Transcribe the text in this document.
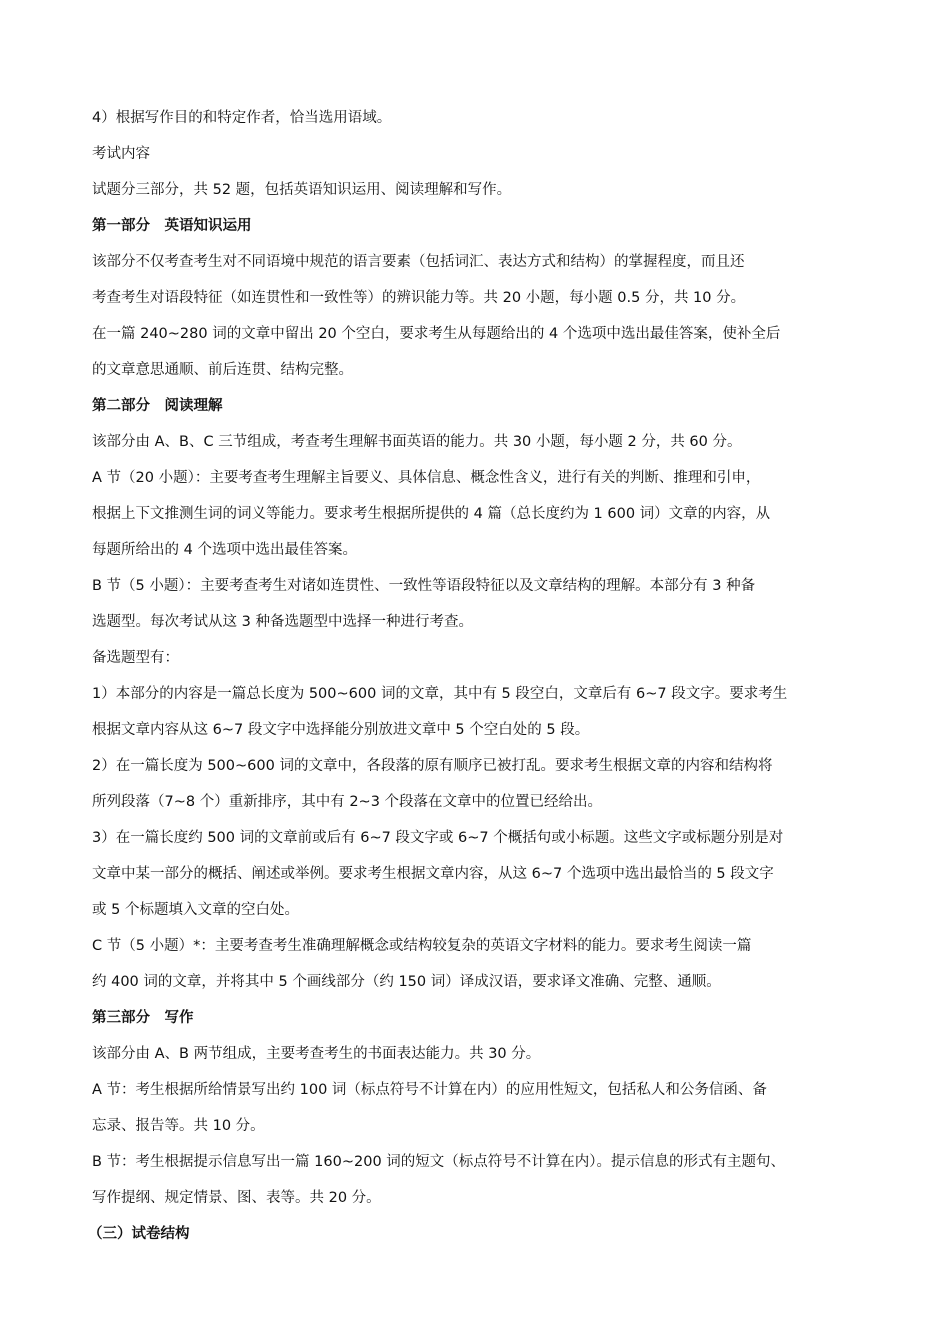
4）根据写作目的和特定作者，恰当选用语域。

考试内容

试题分三部分，共 52 题，包括英语知识运用、阅读理解和写作。

第一部分　英语知识运用

该部分不仅考查考生对不同语境中规范的语言要素（包括词汇、表达方式和结构）的掌握程度，而且还

考查考生对语段特征（如连贯性和一致性等）的辨识能力等。共 20 小题，每小题 0.5 分，共 10 分。

在一篇 240~280 词的文章中留出 20 个空白，要求考生从每题给出的 4 个选项中选出最佳答案，使补全后

的文章意思通顺、前后连贯、结构完整。

第二部分　阅读理解

该部分由 A、B、C 三节组成，考查考生理解书面英语的能力。共 30 小题，每小题 2 分，共 60 分。

A 节（20 小题）：主要考查考生理解主旨要义、具体信息、概念性含义，进行有关的判断、推理和引申，

根据上下文推测生词的词义等能力。要求考生根据所提供的 4 篇（总长度约为 1 600 词）文章的内容，从

每题所给出的 4 个选项中选出最佳答案。

B 节（5 小题）：主要考查考生对诸如连贯性、一致性等语段特征以及文章结构的理解。本部分有 3 种备

选题型。每次考试从这 3 种备选题型中选择一种进行考查。

备选题型有：

1）本部分的内容是一篇总长度为 500~600 词的文章，其中有 5 段空白，文章后有 6~7 段文字。要求考生

根据文章内容从这 6~7 段文字中选择能分别放进文章中 5 个空白处的 5 段。

2）在一篇长度为 500~600 词的文章中，各段落的原有顺序已被打乱。要求考生根据文章的内容和结构将

所列段落（7~8 个）重新排序，其中有 2~3 个段落在文章中的位置已经给出。

3）在一篇长度约 500 词的文章前或后有 6~7 段文字或 6~7 个概括句或小标题。这些文字或标题分别是对

文章中某一部分的概括、阐述或举例。要求考生根据文章内容，从这 6~7 个选项中选出最恰当的 5 段文字

或 5 个标题填入文章的空白处。

C 节（5 小题）*：主要考查考生准确理解概念或结构较复杂的英语文字材料的能力。要求考生阅读一篇

约 400 词的文章，并将其中 5 个画线部分（约 150 词）译成汉语，要求译文准确、完整、通顺。

第三部分　写作

该部分由 A、B 两节组成，主要考查考生的书面表达能力。共 30 分。

A 节：考生根据所给情景写出约 100 词（标点符号不计算在内）的应用性短文，包括私人和公务信函、备

忘录、报告等。共 10 分。

B 节：考生根据提示信息写出一篇 160~200 词的短文（标点符号不计算在内）。提示信息的形式有主题句、

写作提纲、规定情景、图、表等。共 20 分。

（三）试卷结构
